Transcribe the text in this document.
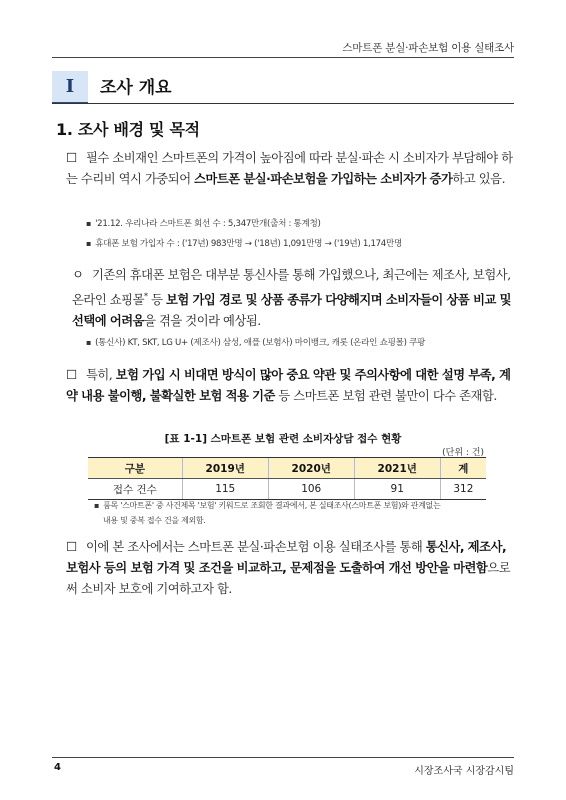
스마트폰 분실·파손보험 이용 실태조사
Ⅰ	조사 개요
1. 조사 배경 및 목적
☐ 필수 소비재인 스마트폰의 가격이 높아짐에 따라 분실·파손 시 소비자가 부담해야 하는 수리비 역시 가중되어 스마트폰 분실·파손보험을 가입하는 소비자가 증가하고 있음.
▪ '21.12. 우리나라 스마트폰 회선 수 : 5,347만개(출처 : 통계청)
▪ 휴대폰 보험 가입자 수 : ('17년) 983만명 → ('18년) 1,091만명 → ('19년) 1,174만명
ㅇ 기존의 휴대폰 보험은 대부분 통신사를 통해 가입했으나, 최근에는 제조사, 보험사, 온라인 쇼핑몰* 등 보험 가입 경로 및 상품 종류가 다양해지며 소비자들이 상품 비교 및 선택에 어려움을 겪을 것이라 예상됨.
▪ (통신사) KT, SKT, LG U+ (제조사) 삼성, 애플 (보험사) 마이뱅크, 캐롯 (온라인 쇼핑몰) 쿠팡
☐ 특히, 보험 가입 시 비대면 방식이 많아 중요 약관 및 주의사항에 대한 설명 부족, 계약 내용 불이행, 불확실한 보험 적용 기준 등 스마트폰 보험 관련 불만이 다수 존재함.
[표 1-1] 스마트폰 보험 관련 소비자상담 접수 현황
(단위 : 건)
구분	2019년	2020년	2021년	계
접수 건수	115	106	91	312
▪ 품목 '스마트폰' 중 사건제목 '보험' 키워드로 조회한 결과에서, 본 실태조사(스마트폰 보험)와 관계없는
내용 및 중복 접수 건을 제외함.
☐ 이에 본 조사에서는 스마트폰 분실·파손보험 이용 실태조사를 통해 통신사, 제조사, 보험사 등의 보험 가격 및 조건을 비교하고, 문제점을 도출하여 개선 방안을 마련함으로써 소비자 보호에 기여하고자 함.
4	시장조사국 시장감시팀
